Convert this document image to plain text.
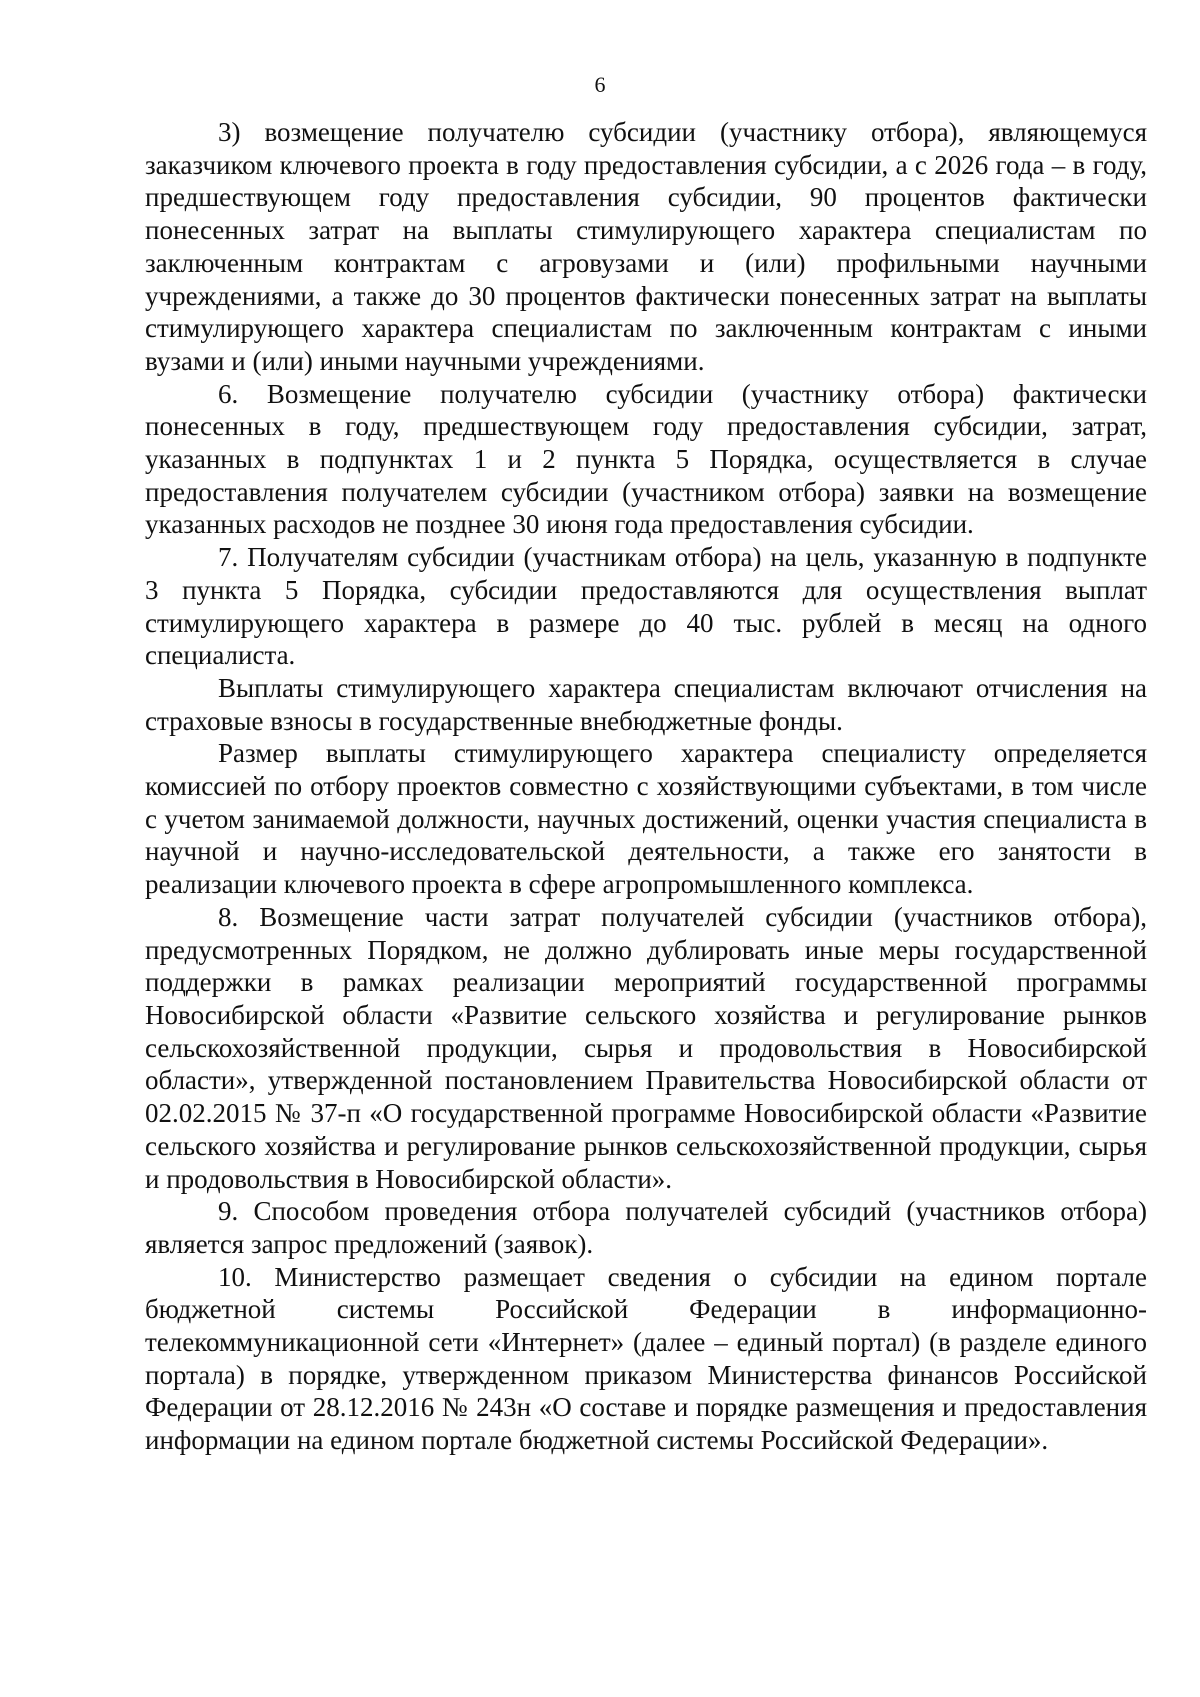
6

3) возмещение получателю субсидии (участнику отбора), являющемуся заказчиком ключевого проекта в году предоставления субсидии, а с 2026 года – в году, предшествующем году предоставления субсидии, 90 процентов фактически понесенных затрат на выплаты стимулирующего характера специалистам по заключенным контрактам с агровузами и (или) профильными научными учреждениями, а также до 30 процентов фактически понесенных затрат на выплаты стимулирующего характера специалистам по заключенным контрактам с иными вузами и (или) иными научными учреждениями.

6. Возмещение получателю субсидии (участнику отбора) фактически понесенных в году, предшествующем году предоставления субсидии, затрат, указанных в подпунктах 1 и 2 пункта 5 Порядка, осуществляется в случае предоставления получателем субсидии (участником отбора) заявки на возмещение указанных расходов не позднее 30 июня года предоставления субсидии.

7. Получателям субсидии (участникам отбора) на цель, указанную в подпункте 3 пункта 5 Порядка, субсидии предоставляются для осуществления выплат стимулирующего характера в размере до 40 тыс. рублей в месяц на одного специалиста.

Выплаты стимулирующего характера специалистам включают отчисления на страховые взносы в государственные внебюджетные фонды.

Размер выплаты стимулирующего характера специалисту определяется комиссией по отбору проектов совместно с хозяйствующими субъектами, в том числе с учетом занимаемой должности, научных достижений, оценки участия специалиста в научной и научно-исследовательской деятельности, а также его занятости в реализации ключевого проекта в сфере агропромышленного комплекса.

8. Возмещение части затрат получателей субсидии (участников отбора), предусмотренных Порядком, не должно дублировать иные меры государственной поддержки в рамках реализации мероприятий государственной программы Новосибирской области «Развитие сельского хозяйства и регулирование рынков сельскохозяйственной продукции, сырья и продовольствия в Новосибирской области», утвержденной постановлением Правительства Новосибирской области от 02.02.2015 № 37-п «О государственной программе Новосибирской области «Развитие сельского хозяйства и регулирование рынков сельскохозяйственной продукции, сырья и продовольствия в Новосибирской области».

9. Способом проведения отбора получателей субсидий (участников отбора) является запрос предложений (заявок).

10. Министерство размещает сведения о субсидии на едином портале бюджетной системы Российской Федерации в информационно-телекоммуникационной сети «Интернет» (далее – единый портал) (в разделе единого портала) в порядке, утвержденном приказом Министерства финансов Российской Федерации от 28.12.2016 № 243н «О составе и порядке размещения и предоставления информации на едином портале бюджетной системы Российской Федерации».
